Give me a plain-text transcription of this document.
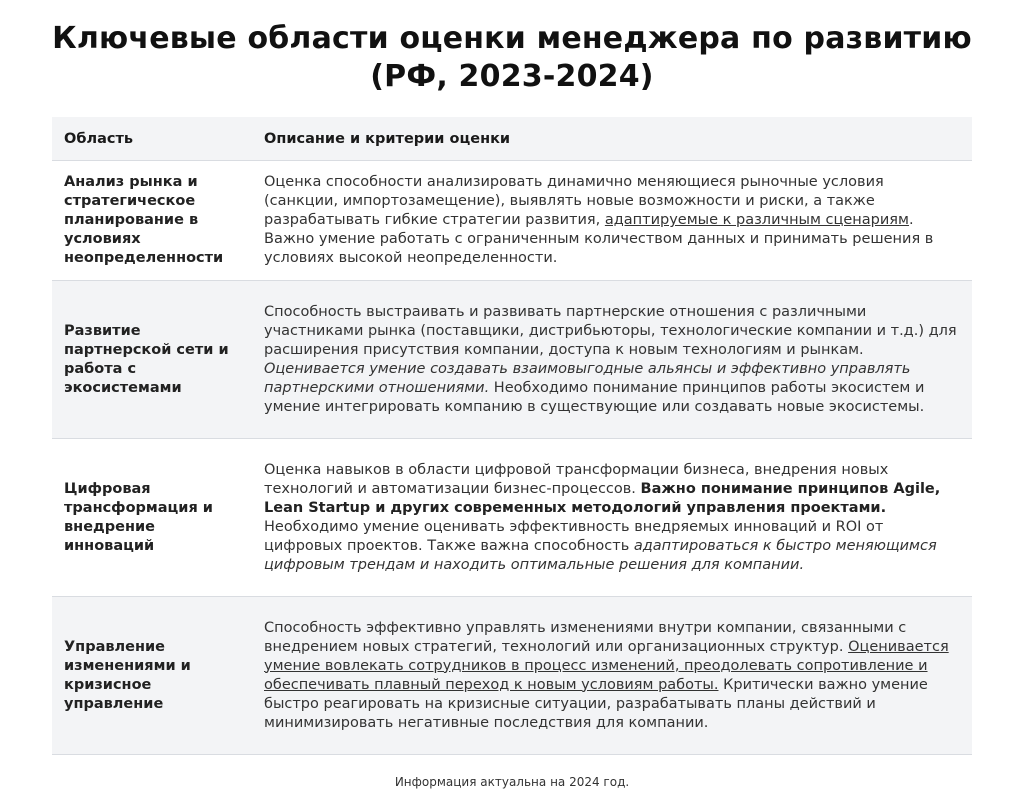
Ключевые области оценки менеджера по развитию (РФ, 2023-2024)
Область	Описание и критерии оценки
Анализ рынка и стратегическое планирование в условиях неопределенности	Оценка способности анализировать динамично меняющиеся рыночные условия (санкции, импортозамещение), выявлять новые возможности и риски, а также разрабатывать гибкие стратегии развития, адаптируемые к различным сценариям. Важно умение работать с ограниченным количеством данных и принимать решения в условиях высокой неопределенности.
Развитие партнерской сети и работа с экосистемами	Способность выстраивать и развивать партнерские отношения с различными участниками рынка (поставщики, дистрибьюторы, технологические компании и т.д.) для расширения присутствия компании, доступа к новым технологиям и рынкам. Оценивается умение создавать взаимовыгодные альянсы и эффективно управлять партнерскими отношениями. Необходимо понимание принципов работы экосистем и умение интегрировать компанию в существующие или создавать новые экосистемы.
Цифровая трансформация и внедрение инноваций	Оценка навыков в области цифровой трансформации бизнеса, внедрения новых технологий и автоматизации бизнес-процессов. Важно понимание принципов Agile, Lean Startup и других современных методологий управления проектами. Необходимо умение оценивать эффективность внедряемых инноваций и ROI от цифровых проектов. Также важна способность адаптироваться к быстро меняющимся цифровым трендам и находить оптимальные решения для компании.
Управление изменениями и кризисное управление	Способность эффективно управлять изменениями внутри компании, связанными с внедрением новых стратегий, технологий или организационных структур. Оценивается умение вовлекать сотрудников в процесс изменений, преодолевать сопротивление и обеспечивать плавный переход к новым условиям работы. Критически важно умение быстро реагировать на кризисные ситуации, разрабатывать планы действий и минимизировать негативные последствия для компании.
Информация актуальна на 2024 год.
